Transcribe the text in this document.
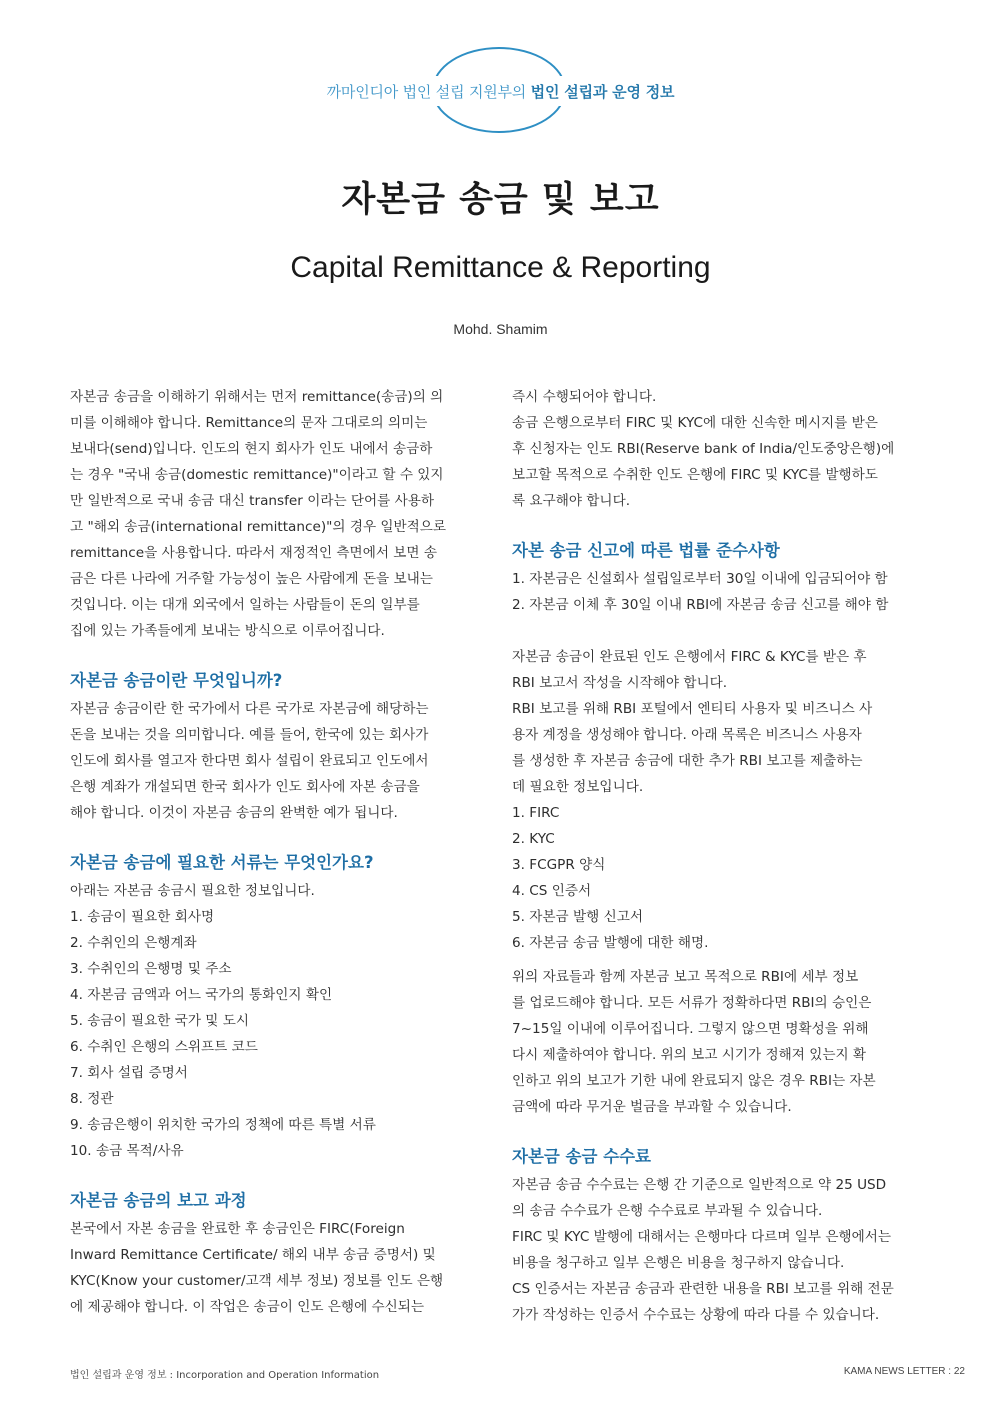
까마인디아 법인 설립 지원부의 법인 설립과 운영 정보
자본금 송금 및 보고
Capital Remittance & Reporting
Mohd. Shamim
자본금 송금을 이해하기 위해서는 먼저 remittance(송금)의 의
미를 이해해야 합니다. Remittance의 문자 그대로의 의미는
보내다(send)입니다. 인도의 현지 회사가 인도 내에서 송금하
는 경우 "국내 송금(domestic remittance)"이라고 할 수 있지
만 일반적으로 국내 송금 대신 transfer 이라는 단어를 사용하
고 "해외 송금(international remittance)"의 경우 일반적으로
remittance을 사용합니다. 따라서 재정적인 측면에서 보면 송
금은 다른 나라에 거주할 가능성이 높은 사람에게 돈을 보내는
것입니다. 이는 대개 외국에서 일하는 사람들이 돈의 일부를
집에 있는 가족들에게 보내는 방식으로 이루어집니다.
자본금 송금이란 무엇입니까?
자본금 송금이란 한 국가에서 다른 국가로 자본금에 해당하는
돈을 보내는 것을 의미합니다. 예를 들어, 한국에 있는 회사가
인도에 회사를 열고자 한다면 회사 설립이 완료되고 인도에서
은행 계좌가 개설되면 한국 회사가 인도 회사에 자본 송금을
해야 합니다. 이것이 자본금 송금의 완벽한 예가 됩니다.
자본금 송금에 필요한 서류는 무엇인가요?
아래는 자본금 송금시 필요한 정보입니다.
1. 송금이 필요한 회사명
2. 수취인의 은행계좌
3. 수취인의 은행명 및 주소
4. 자본금 금액과 어느 국가의 통화인지 확인
5. 송금이 필요한 국가 및 도시
6. 수취인 은행의 스위프트 코드
7. 회사 설립 증명서
8. 정관
9. 송금은행이 위치한 국가의 정책에 따른 특별 서류
10. 송금 목적/사유
자본금 송금의 보고 과정
본국에서 자본 송금을 완료한 후 송금인은 FIRC(Foreign
Inward Remittance Certificate/ 해외 내부 송금 증명서) 및
KYC(Know your customer/고객 세부 정보) 정보를 인도 은행
에 제공해야 합니다. 이 작업은 송금이 인도 은행에 수신되는
즉시 수행되어야 합니다.
송금 은행으로부터 FIRC 및 KYC에 대한 신속한 메시지를 받은
후 신청자는 인도 RBI(Reserve bank of India/인도중앙은행)에
보고할 목적으로 수취한 인도 은행에 FIRC 및 KYC를 발행하도
록 요구해야 합니다.
자본 송금 신고에 따른 법률 준수사항
1. 자본금은 신설회사 설립일로부터 30일 이내에 입금되어야 함
2. 자본금 이체 후 30일 이내 RBI에 자본금 송금 신고를 해야 함
자본금 송금이 완료된 인도 은행에서 FIRC & KYC를 받은 후
RBI 보고서 작성을 시작해야 합니다.
RBI 보고를 위해 RBI 포털에서 엔티티 사용자 및 비즈니스 사
용자 계정을 생성해야 합니다. 아래 목록은 비즈니스 사용자
를 생성한 후 자본금 송금에 대한 추가 RBI 보고를 제출하는
데 필요한 정보입니다.
1. FIRC
2. KYC
3. FCGPR 양식
4. CS 인증서
5. 자본금 발행 신고서
6. 자본금 송금 발행에 대한 해명.
위의 자료들과 함께 자본금 보고 목적으로 RBI에 세부 정보
를 업로드해야 합니다. 모든 서류가 정확하다면 RBI의 승인은
7~15일 이내에 이루어집니다. 그렇지 않으면 명확성을 위해
다시 제출하여야 합니다. 위의 보고 시기가 정해져 있는지 확
인하고 위의 보고가 기한 내에 완료되지 않은 경우 RBI는 자본
금액에 따라 무거운 벌금을 부과할 수 있습니다.
자본금 송금 수수료
자본금 송금 수수료는 은행 간 기준으로 일반적으로 약 25 USD
의 송금 수수료가 은행 수수료로 부과될 수 있습니다.
FIRC 및 KYC 발행에 대해서는 은행마다 다르며 일부 은행에서는
비용을 청구하고 일부 은행은 비용을 청구하지 않습니다.
CS 인증서는 자본금 송금과 관련한 내용을 RBI 보고를 위해 전문
가가 작성하는 인증서 수수료는 상황에 따라 다를 수 있습니다.
법인 설립과 운영 정보 : Incorporation and Operation Information	KAMA NEWS LETTER : 22
